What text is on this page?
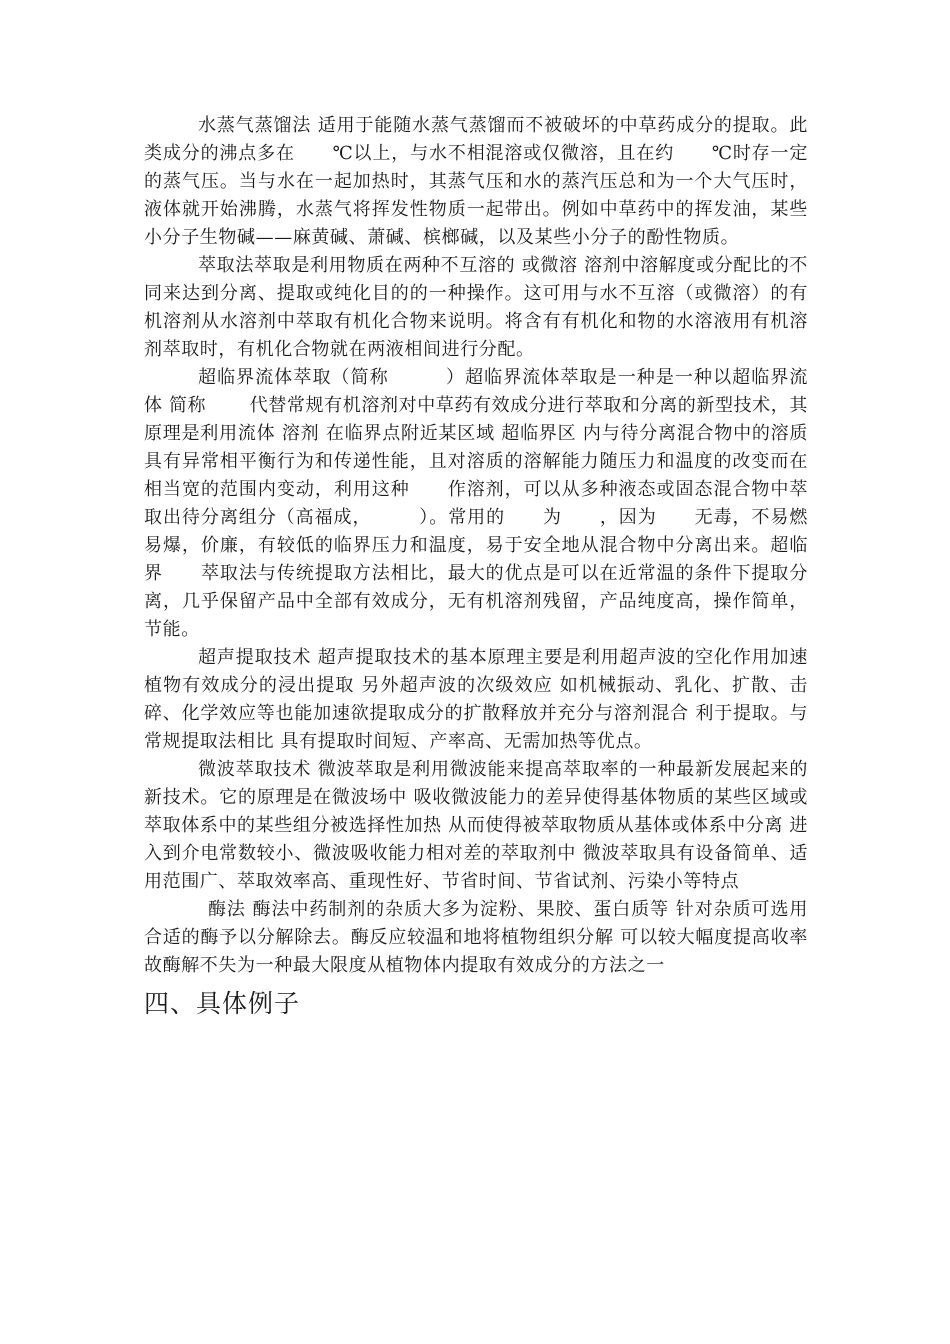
水蒸气蒸馏法 适用于能随水蒸气蒸馏而不被破坏的中草药成分的提取。此类成分的沸点多在　　℃以上，与水不相混溶或仅微溶，且在约　　℃时存一定的蒸气压。当与水在一起加热时，其蒸气压和水的蒸汽压总和为一个大气压时，液体就开始沸腾，水蒸气将挥发性物质一起带出。例如中草药中的挥发油，某些小分子生物碱——麻黄碱、萧碱、槟榔碱，以及某些小分子的酚性物质。

萃取法萃取是利用物质在两种不互溶的 或微溶 溶剂中溶解度或分配比的不同来达到分离、提取或纯化目的的一种操作。这可用与水不互溶（或微溶）的有机溶剂从水溶剂中萃取有机化合物来说明。将含有有机化和物的水溶液用有机溶剂萃取时，有机化合物就在两液相间进行分配。

超临界流体萃取（简称　　　）超临界流体萃取是一种是一种以超临界流体 简称　　 代替常规有机溶剂对中草药有效成分进行萃取和分离的新型技术，其原理是利用流体 溶剂 在临界点附近某区域 超临界区 内与待分离混合物中的溶质具有异常相平衡行为和传递性能，且对溶质的溶解能力随压力和温度的改变而在相当宽的范围内变动，利用这种　　作溶剂，可以从多种液态或固态混合物中萃取出待分离组分（高福成，　　　）。常用的　　为　　，因为　　无毒，不易燃易爆，价廉，有较低的临界压力和温度，易于安全地从混合物中分离出来。超临界　　萃取法与传统提取方法相比，最大的优点是可以在近常温的条件下提取分离，几乎保留产品中全部有效成分，无有机溶剂残留，产品纯度高，操作简单，节能。

超声提取技术 超声提取技术的基本原理主要是利用超声波的空化作用加速植物有效成分的浸出提取 另外超声波的次级效应 如机械振动、乳化、扩散、击碎、化学效应等也能加速欲提取成分的扩散释放并充分与溶剂混合 利于提取。与常规提取法相比 具有提取时间短、产率高、无需加热等优点。

微波萃取技术 微波萃取是利用微波能来提高萃取率的一种最新发展起来的新技术。它的原理是在微波场中 吸收微波能力的差异使得基体物质的某些区域或萃取体系中的某些组分被选择性加热 从而使得被萃取物质从基体或体系中分离 进入到介电常数较小、微波吸收能力相对差的萃取剂中 微波萃取具有设备简单、适用范围广、萃取效率高、重现性好、节省时间、节省试剂、污染小等特点

酶法 酶法中药制剂的杂质大多为淀粉、果胶、蛋白质等 针对杂质可选用合适的酶予以分解除去。酶反应较温和地将植物组织分解 可以较大幅度提高收率 故酶解不失为一种最大限度从植物体内提取有效成分的方法之一

四、具体例子
